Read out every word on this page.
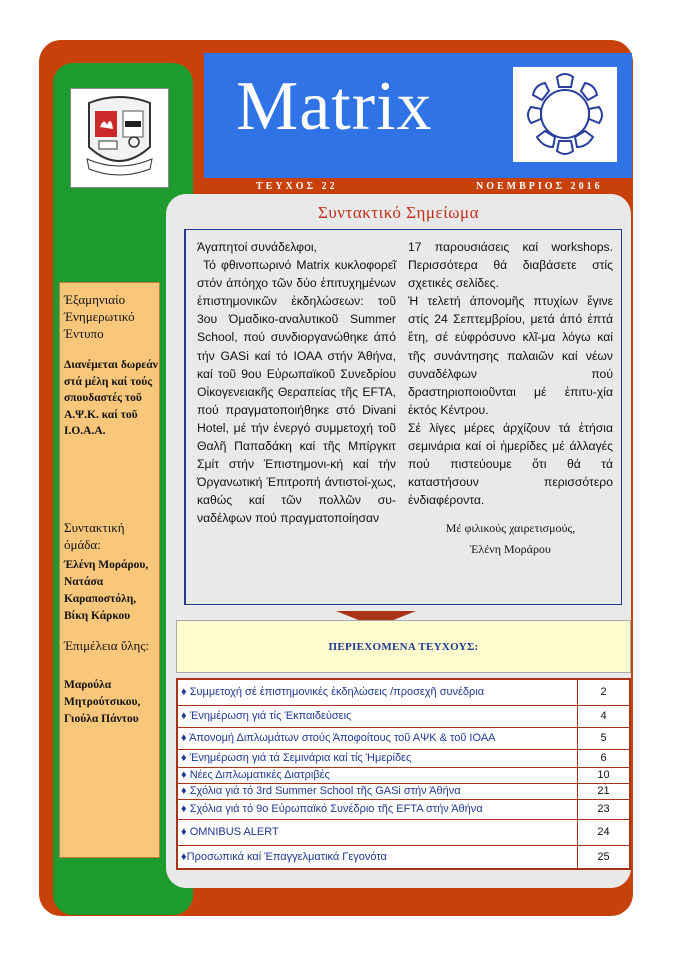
Matrix
ΤΕΥΧΟΣ 22	ΝΟΕΜΒΡΙΟΣ 2016
Έξαμηνιαίο Ένημερωτικό Έντυπο
Διανέμεται δωρεάν στά μέλη καί τούς σπουδαστές τοῦ Α.Ψ.Κ. καί τοῦ Ι.Ο.Α.Α.
Συντακτική όμάδα:
Έλένη Μοράρου, Νατάσα Καραποστόλη, Βίκη Κάρκου
Έπιμέλεια ὕλης:
Μαρούλα Μητρούτσικου, Γιούλα Πάντου
Συντακτικό Σημείωμα
Άγαπητοί συνάδελφοι,
Τό φθινοπωρινό Matrix κυκλοφορεῖ στόν άπόηχο τῶν δύο ἐπιτυχημένων ἐπιστημονικῶν ἐκδηλώσεων: τοῦ 3ου Όμαδικο-αναλυτικοῦ Summer School, πού συνδιοργανώθηκε άπό τήν GASi καί τό ΙΟΑΑ στήν Άθήνα, καί τοῦ 9ου Εὐρωπαϊκοῦ Συνεδρίου Οἰκογενειακῆς Θεραπείας τῆς EFTA, πού πραγματοποιήθηκε στό Divani Hotel, μέ τήν ἐνεργό συμμετοχή τοῦ Θαλῆ Παπαδάκη καί τῆς Μπίργκιτ Σμίτ στήν Έπιστημονι-κή καί τήν Όργανωτική Έπιτροπή άντιστοί-χως, καθώς καί τῶν πολλῶν συ-ναδέλφων πού πραγματοποίησαν
17 παρουσιάσεις καί workshops. Περισσότερα θά διαβάσετε στίς σχετικές σελίδες.
Ή τελετή άπονομῆς πτυχίων ἔγινε στίς 24 Σεπτεμβρίου, μετά άπό ἑπτά ἔτη, σέ εὐφρόσυνο κλῖ-μα λόγω καί τῆς συνάντησης παλαιῶν καί νέων συναδέλφων πού δραστηριοποιοῦνται μέ ἐπιτυ-χία ἐκτός Κέντρου.
Σέ λίγες μέρες άρχίζουν τά ἐτήσια σεμινάρια καί οἱ ἡμερίδες μέ άλλαγές πού πιστεύουμε ὅτι θά τά καταστήσουν περισσότερο ἐνδιαφέροντα.
Μέ φιλικούς χαιρετισμούς,
Έλένη Μοράρου
ΠΕΡΙΕΧΟΜΕΝΑ ΤΕΥΧΟΥΣ:
♦ Συμμετοχή σέ ἐπιστημονικές ἐκδηλώσεις /προσεχῆ συνέδρια	2
♦ Ένημέρωση γιά τίς Έκπαιδεύσεις	4
♦ Άπονομή Διπλωμάτων στούς Άποφοίτους τοῦ ΑΨΚ & τοῦ ΙΟΑΑ	5
♦ Ένημέρωση γιά τά Σεμινάρια καί τίς Ήμερίδες	6
♦ Νέες Διπλωματικές Διατριβές	10
♦ Σχόλια γιά τό 3rd Summer School τῆς GASi στήν Άθήνα	21
♦ Σχόλια γιά τό 9ο Εὐρωπαϊκό Συνέδριο τῆς EFTA στήν Άθήνα	23
♦ OMNIBUS ALERT	24
♦Προσωπικά καί Έπαγγελματικά Γεγονότα	25
